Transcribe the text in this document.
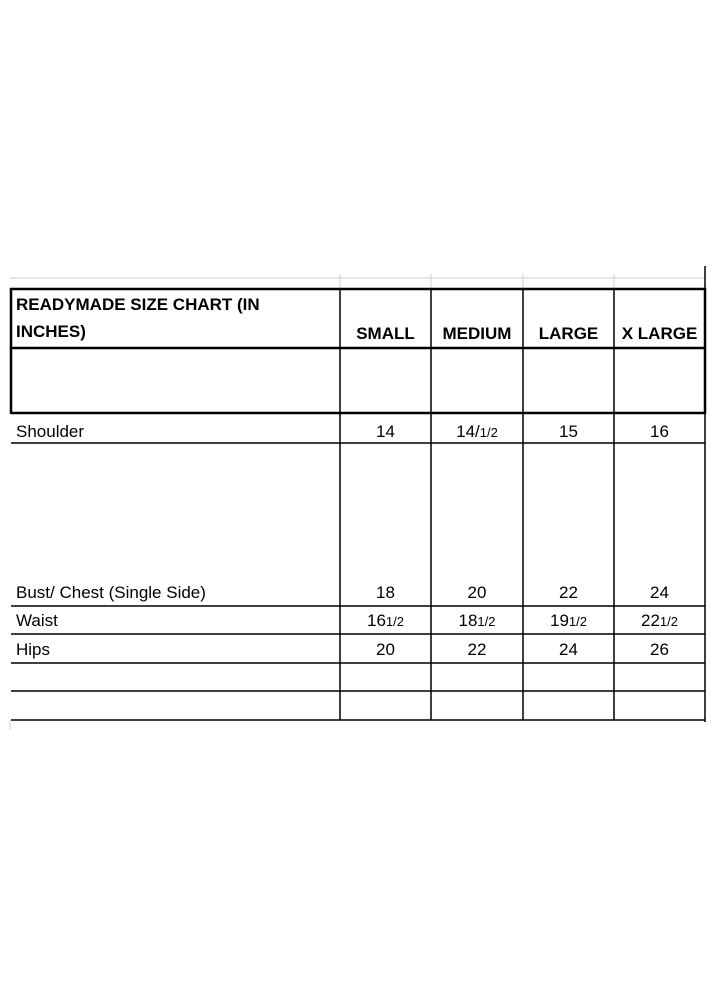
READYMADE SIZE CHART (IN
INCHES)	SMALL	MEDIUM	LARGE	X LARGE
Shoulder	14	14/1/2	15	16
Bust/ Chest (Single Side)	18	20	22	24
Waist	161/2	181/2	191/2	221/2
Hips	20	22	24	26
